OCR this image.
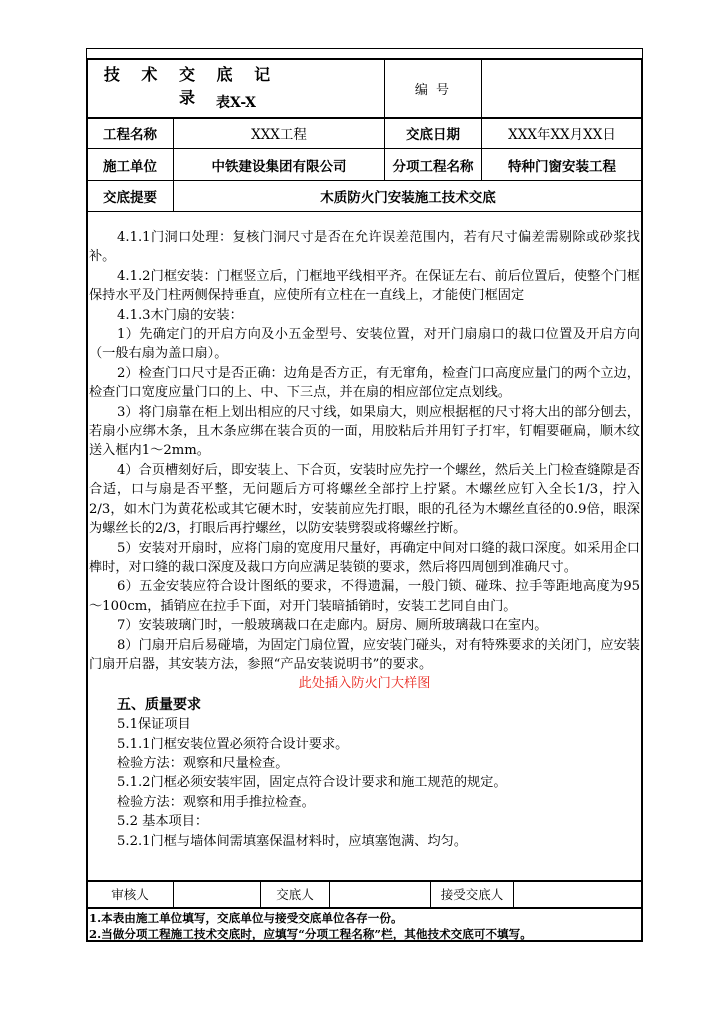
技 术 交 底 记 录 表X-X
编 号
工程名称	XXX工程	交底日期	XXX年XX月XX日
施工单位	中铁建设集团有限公司	分项工程名称	特种门窗安装工程
交底提要	木质防火门安装施工技术交底

4.1.1门洞口处理：复核门洞尺寸是否在允许误差范围内，若有尺寸偏差需剔除或砂浆找补。

4.1.2门框安装：门框竖立后，门框地平线相平齐。在保证左右、前后位置后，使整个门框保持水平及门柱两侧保持垂直，应使所有立柱在一直线上，才能使门框固定

4.1.3木门扇的安装：

1）先确定门的开启方向及小五金型号、安装位置，对开门扇扇口的裁口位置及开启方向（一般右扇为盖口扇）。

2）检查门口尺寸是否正确：边角是否方正，有无窜角，检查门口高度应量门的两个立边，检查门口宽度应量门口的上、中、下三点，并在扇的相应部位定点划线。

3）将门扇靠在柜上划出相应的尺寸线，如果扇大，则应根据框的尺寸将大出的部分刨去，若扇小应绑木条，且木条应绑在装合页的一面，用胶粘后并用钉子打牢，钉帽要砸扁，顺木纹送入框内1～2mm。

4）合页槽刻好后，即安装上、下合页，安装时应先拧一个螺丝，然后关上门检查缝隙是否合适，口与扇是否平整，无问题后方可将螺丝全部拧上拧紧。木螺丝应钉入全长1/3，拧入2/3，如木门为黄花松或其它硬木时，安装前应先打眼，眼的孔径为木螺丝直径的0.9倍，眼深为螺丝长的2/3，打眼后再拧螺丝，以防安装劈裂或将螺丝拧断。

5）安装对开扇时，应将门扇的宽度用尺量好，再确定中间对口缝的裁口深度。如采用企口榫时，对口缝的裁口深度及裁口方向应满足装锁的要求，然后将四周刨到准确尺寸。

6）五金安装应符合设计图纸的要求，不得遗漏，一般门锁、碰珠、拉手等距地高度为95～100cm，插销应在拉手下面，对开门装暗插销时，安装工艺同自由门。

7）安装玻璃门时，一般玻璃裁口在走廊内。厨房、厕所玻璃裁口在室内。

8）门扇开启后易碰墙，为固定门扇位置，应安装门碰头，对有特殊要求的关闭门，应安装门扇开启器，其安装方法，参照“产品安装说明书”的要求。

此处插入防火门大样图

五、质量要求

5.1保证项目

5.1.1门框安装位置必须符合设计要求。

检验方法：观察和尺量检查。

5.1.2门框必须安装牢固，固定点符合设计要求和施工规范的规定。

检验方法：观察和用手推拉检查。

5.2 基本项目：

5.2.1门框与墙体间需填塞保温材料时，应填塞饱满、均匀。

审核人	交底人	接受交底人
1.本表由施工单位填写，交底单位与接受交底单位各存一份。
2.当做分项工程施工技术交底时，应填写“分项工程名称”栏，其他技术交底可不填写。
